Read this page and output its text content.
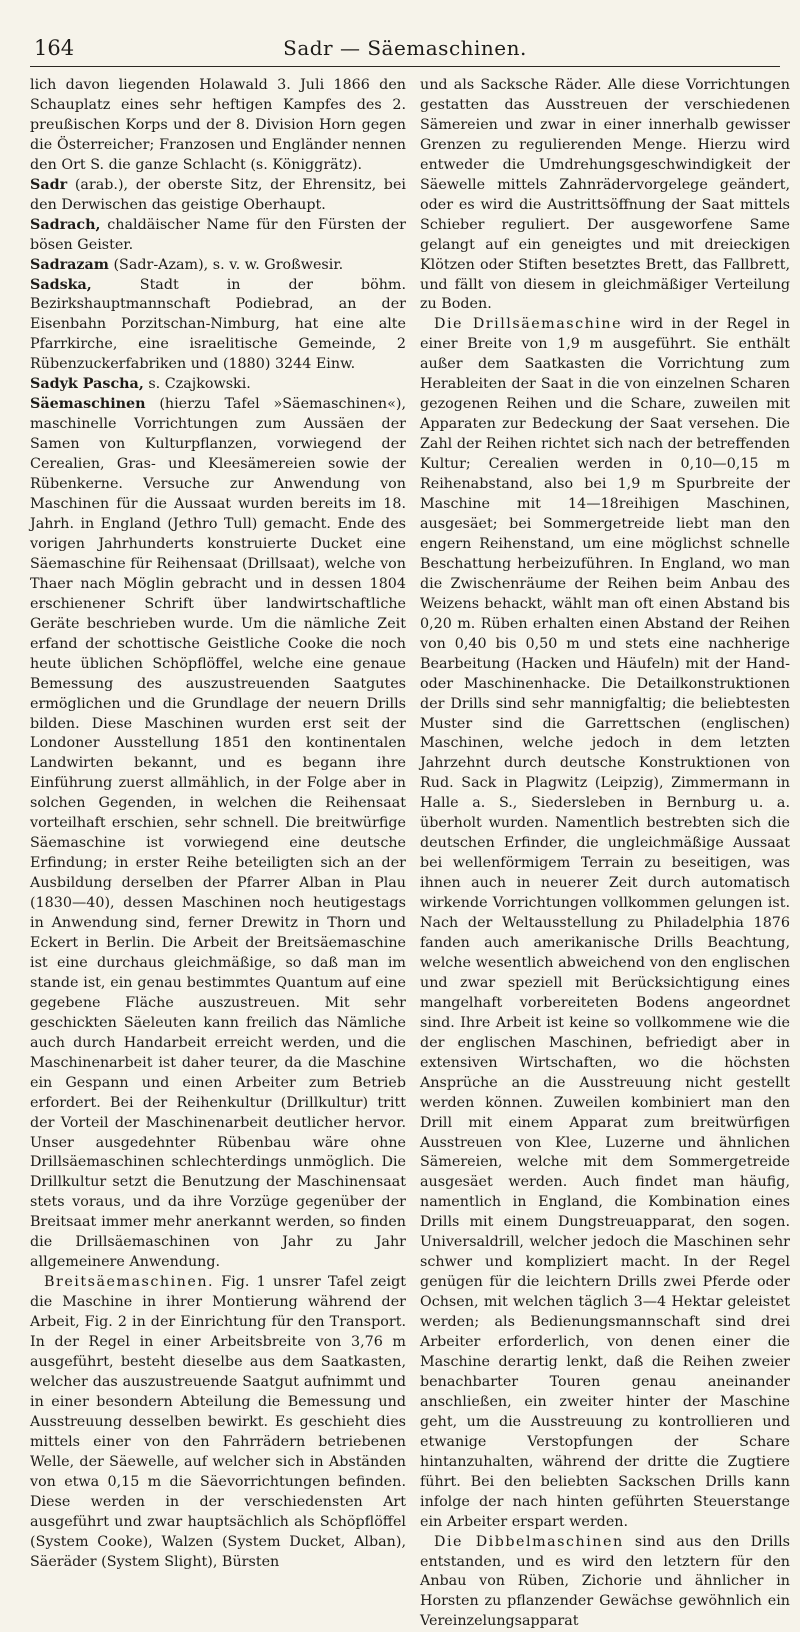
164	Sadr — Säemaschinen.

lich davon liegenden Holawald 3. Juli 1866 den Schauplatz eines sehr heftigen Kampfes des 2. preußischen Korps und der 8. Division Horn gegen die Österreicher; Franzosen und Engländer nennen den Ort S. die ganze Schlacht (s. Königgrätz).

Sadr (arab.), der oberste Sitz, der Ehrensitz, bei den Derwischen das geistige Oberhaupt.

Sadrach, chaldäischer Name für den Fürsten der bösen Geister.

Sadrazam (Sadr-Azam), s. v. w. Großwesir.

Sadska, Stadt in der böhm. Bezirkshauptmannschaft Podiebrad, an der Eisenbahn Porzitschan-Nimburg, hat eine alte Pfarrkirche, eine israelitische Gemeinde, 2 Rübenzuckerfabriken und (1880) 3244 Einw.

Sadyk Pascha, s. Czajkowski.

Säemaschinen (hierzu Tafel »Säemaschinen«), maschinelle Vorrichtungen zum Aussäen der Samen von Kulturpflanzen, vorwiegend der Cerealien, Gras- und Kleesämereien sowie der Rübenkerne. Versuche zur Anwendung von Maschinen für die Aussaat wurden bereits im 18. Jahrh. in England (Jethro Tull) gemacht. Ende des vorigen Jahrhunderts konstruierte Ducket eine Säemaschine für Reihensaat (Drillsaat), welche von Thaer nach Möglin gebracht und in dessen 1804 erschienener Schrift über landwirtschaftliche Geräte beschrieben wurde. Um die nämliche Zeit erfand der schottische Geistliche Cooke die noch heute üblichen Schöpflöffel, welche eine genaue Bemessung des auszustreuenden Saatgutes ermöglichen und die Grundlage der neuern Drills bilden. Diese Maschinen wurden erst seit der Londoner Ausstellung 1851 den kontinentalen Landwirten bekannt, und es begann ihre Einführung zuerst allmählich, in der Folge aber in solchen Gegenden, in welchen die Reihensaat vorteilhaft erschien, sehr schnell. Die breitwürfige Säemaschine ist vorwiegend eine deutsche Erfindung; in erster Reihe beteiligten sich an der Ausbildung derselben der Pfarrer Alban in Plau (1830—40), dessen Maschinen noch heutigestags in Anwendung sind, ferner Drewitz in Thorn und Eckert in Berlin. Die Arbeit der Breitsäemaschine ist eine durchaus gleichmäßige, so daß man im stande ist, ein genau bestimmtes Quantum auf eine gegebene Fläche auszustreuen. Mit sehr geschickten Säeleuten kann freilich das Nämliche auch durch Handarbeit erreicht werden, und die Maschinenarbeit ist daher teurer, da die Maschine ein Gespann und einen Arbeiter zum Betrieb erfordert. Bei der Reihenkultur (Drillkultur) tritt der Vorteil der Maschinenarbeit deutlicher hervor. Unser ausgedehnter Rübenbau wäre ohne Drillsäemaschinen schlechterdings unmöglich. Die Drillkultur setzt die Benutzung der Maschinensaat stets voraus, und da ihre Vorzüge gegenüber der Breitsaat immer mehr anerkannt werden, so finden die Drillsäemaschinen von Jahr zu Jahr allgemeinere Anwendung.

Breitsäemaschinen. Fig. 1 unsrer Tafel zeigt die Maschine in ihrer Montierung während der Arbeit, Fig. 2 in der Einrichtung für den Transport. In der Regel in einer Arbeitsbreite von 3,76 m ausgeführt, besteht dieselbe aus dem Saatkasten, welcher das auszustreuende Saatgut aufnimmt und in einer besondern Abteilung die Bemessung und Ausstreuung desselben bewirkt. Es geschieht dies mittels einer von den Fahrrädern betriebenen Welle, der Säewelle, auf welcher sich in Abständen von etwa 0,15 m die Säevorrichtungen befinden. Diese werden in der verschiedensten Art ausgeführt und zwar hauptsächlich als Schöpflöffel (System Cooke), Walzen (System Ducket, Alban), Säeräder (System Slight), Bürsten

und als Sacksche Räder. Alle diese Vorrichtungen gestatten das Ausstreuen der verschiedenen Sämereien und zwar in einer innerhalb gewisser Grenzen zu regulierenden Menge. Hierzu wird entweder die Umdrehungsgeschwindigkeit der Säewelle mittels Zahnrädervorgelege geändert, oder es wird die Austrittsöffnung der Saat mittels Schieber reguliert. Der ausgeworfene Same gelangt auf ein geneigtes und mit dreieckigen Klötzen oder Stiften besetztes Brett, das Fallbrett, und fällt von diesem in gleichmäßiger Verteilung zu Boden.

Die Drillsäemaschine wird in der Regel in einer Breite von 1,9 m ausgeführt. Sie enthält außer dem Saatkasten die Vorrichtung zum Herableiten der Saat in die von einzelnen Scharen gezogenen Reihen und die Schare, zuweilen mit Apparaten zur Bedeckung der Saat versehen. Die Zahl der Reihen richtet sich nach der betreffenden Kultur; Cerealien werden in 0,10—0,15 m Reihenabstand, also bei 1,9 m Spurbreite der Maschine mit 14—18reihigen Maschinen, ausgesäet; bei Sommergetreide liebt man den engern Reihenstand, um eine möglichst schnelle Beschattung herbeizuführen. In England, wo man die Zwischenräume der Reihen beim Anbau des Weizens behackt, wählt man oft einen Abstand bis 0,20 m. Rüben erhalten einen Abstand der Reihen von 0,40 bis 0,50 m und stets eine nachherige Bearbeitung (Hacken und Häufeln) mit der Hand- oder Maschinenhacke. Die Detailkonstruktionen der Drills sind sehr mannigfaltig; die beliebtesten Muster sind die Garrettschen (englischen) Maschinen, welche jedoch in dem letzten Jahrzehnt durch deutsche Konstruktionen von Rud. Sack in Plagwitz (Leipzig), Zimmermann in Halle a. S., Siedersleben in Bernburg u. a. überholt wurden. Namentlich bestrebten sich die deutschen Erfinder, die ungleichmäßige Aussaat bei wellenförmigem Terrain zu beseitigen, was ihnen auch in neuerer Zeit durch automatisch wirkende Vorrichtungen vollkommen gelungen ist. Nach der Weltausstellung zu Philadelphia 1876 fanden auch amerikanische Drills Beachtung, welche wesentlich abweichend von den englischen und zwar speziell mit Berücksichtigung eines mangelhaft vorbereiteten Bodens angeordnet sind. Ihre Arbeit ist keine so vollkommene wie die der englischen Maschinen, befriedigt aber in extensiven Wirtschaften, wo die höchsten Ansprüche an die Ausstreuung nicht gestellt werden können. Zuweilen kombiniert man den Drill mit einem Apparat zum breitwürfigen Ausstreuen von Klee, Luzerne und ähnlichen Sämereien, welche mit dem Sommergetreide ausgesäet werden. Auch findet man häufig, namentlich in England, die Kombination eines Drills mit einem Dungstreuapparat, den sogen. Universaldrill, welcher jedoch die Maschinen sehr schwer und kompliziert macht. In der Regel genügen für die leichtern Drills zwei Pferde oder Ochsen, mit welchen täglich 3—4 Hektar geleistet werden; als Bedienungsmannschaft sind drei Arbeiter erforderlich, von denen einer die Maschine derartig lenkt, daß die Reihen zweier benachbarter Touren genau aneinander anschließen, ein zweiter hinter der Maschine geht, um die Ausstreuung zu kontrollieren und etwanige Verstopfungen der Schare hintanzuhalten, während der dritte die Zugtiere führt. Bei den beliebten Sackschen Drills kann infolge der nach hinten geführten Steuerstange ein Arbeiter erspart werden.

Die Dibbelmaschinen sind aus den Drills entstanden, und es wird den letztern für den Anbau von Rüben, Zichorie und ähnlicher in Horsten zu pflanzender Gewächse gewöhnlich ein Vereinzelungsapparat
